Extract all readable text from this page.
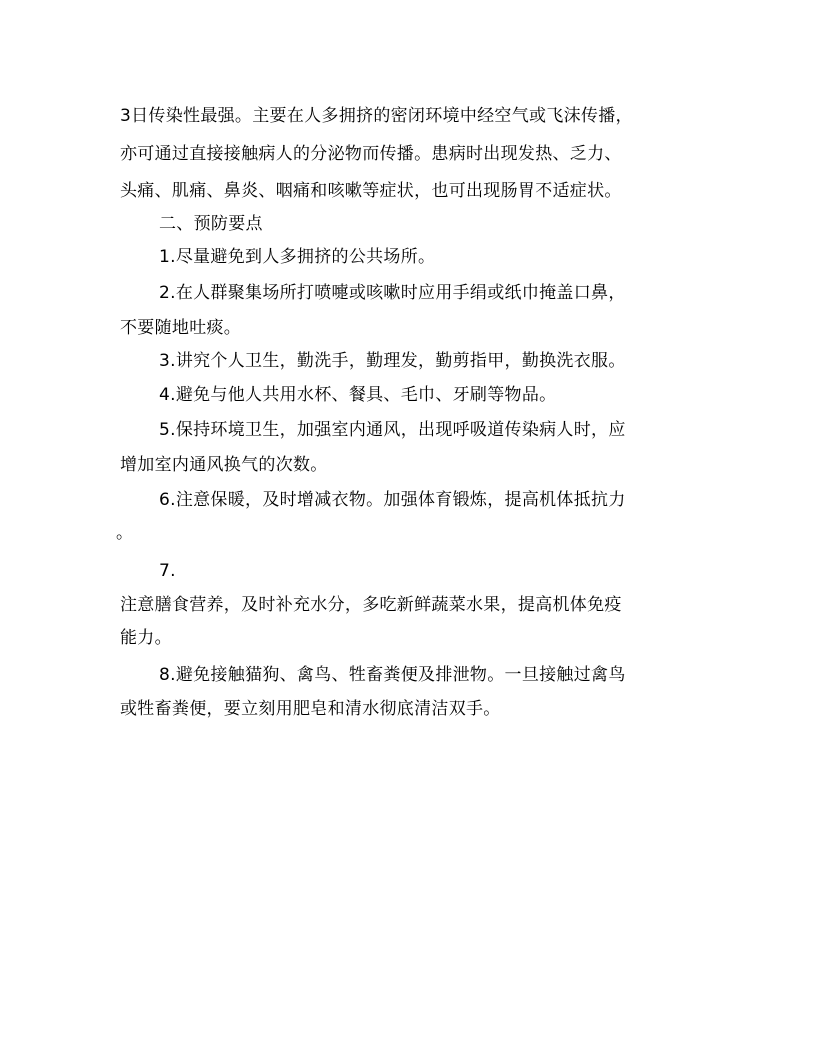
3日传染性最强。主要在人多拥挤的密闭环境中经空气或飞沫传播，
亦可通过直接接触病人的分泌物而传播。患病时出现发热、乏力、
头痛、肌痛、鼻炎、咽痛和咳嗽等症状，也可出现肠胃不适症状。
二、预防要点
1.尽量避免到人多拥挤的公共场所。
2.在人群聚集场所打喷嚏或咳嗽时应用手绢或纸巾掩盖口鼻，
不要随地吐痰。
3.讲究个人卫生，勤洗手，勤理发，勤剪指甲，勤换洗衣服。
4.避免与他人共用水杯、餐具、毛巾、牙刷等物品。
5.保持环境卫生，加强室内通风，出现呼吸道传染病人时，应
增加室内通风换气的次数。
6.注意保暖，及时增减衣物。加强体育锻炼，提高机体抵抗力
。
7.
注意膳食营养，及时补充水分，多吃新鲜蔬菜水果，提高机体免疫
能力。
8.避免接触猫狗、禽鸟、牲畜粪便及排泄物。一旦接触过禽鸟
或牲畜粪便，要立刻用肥皂和清水彻底清洁双手。
